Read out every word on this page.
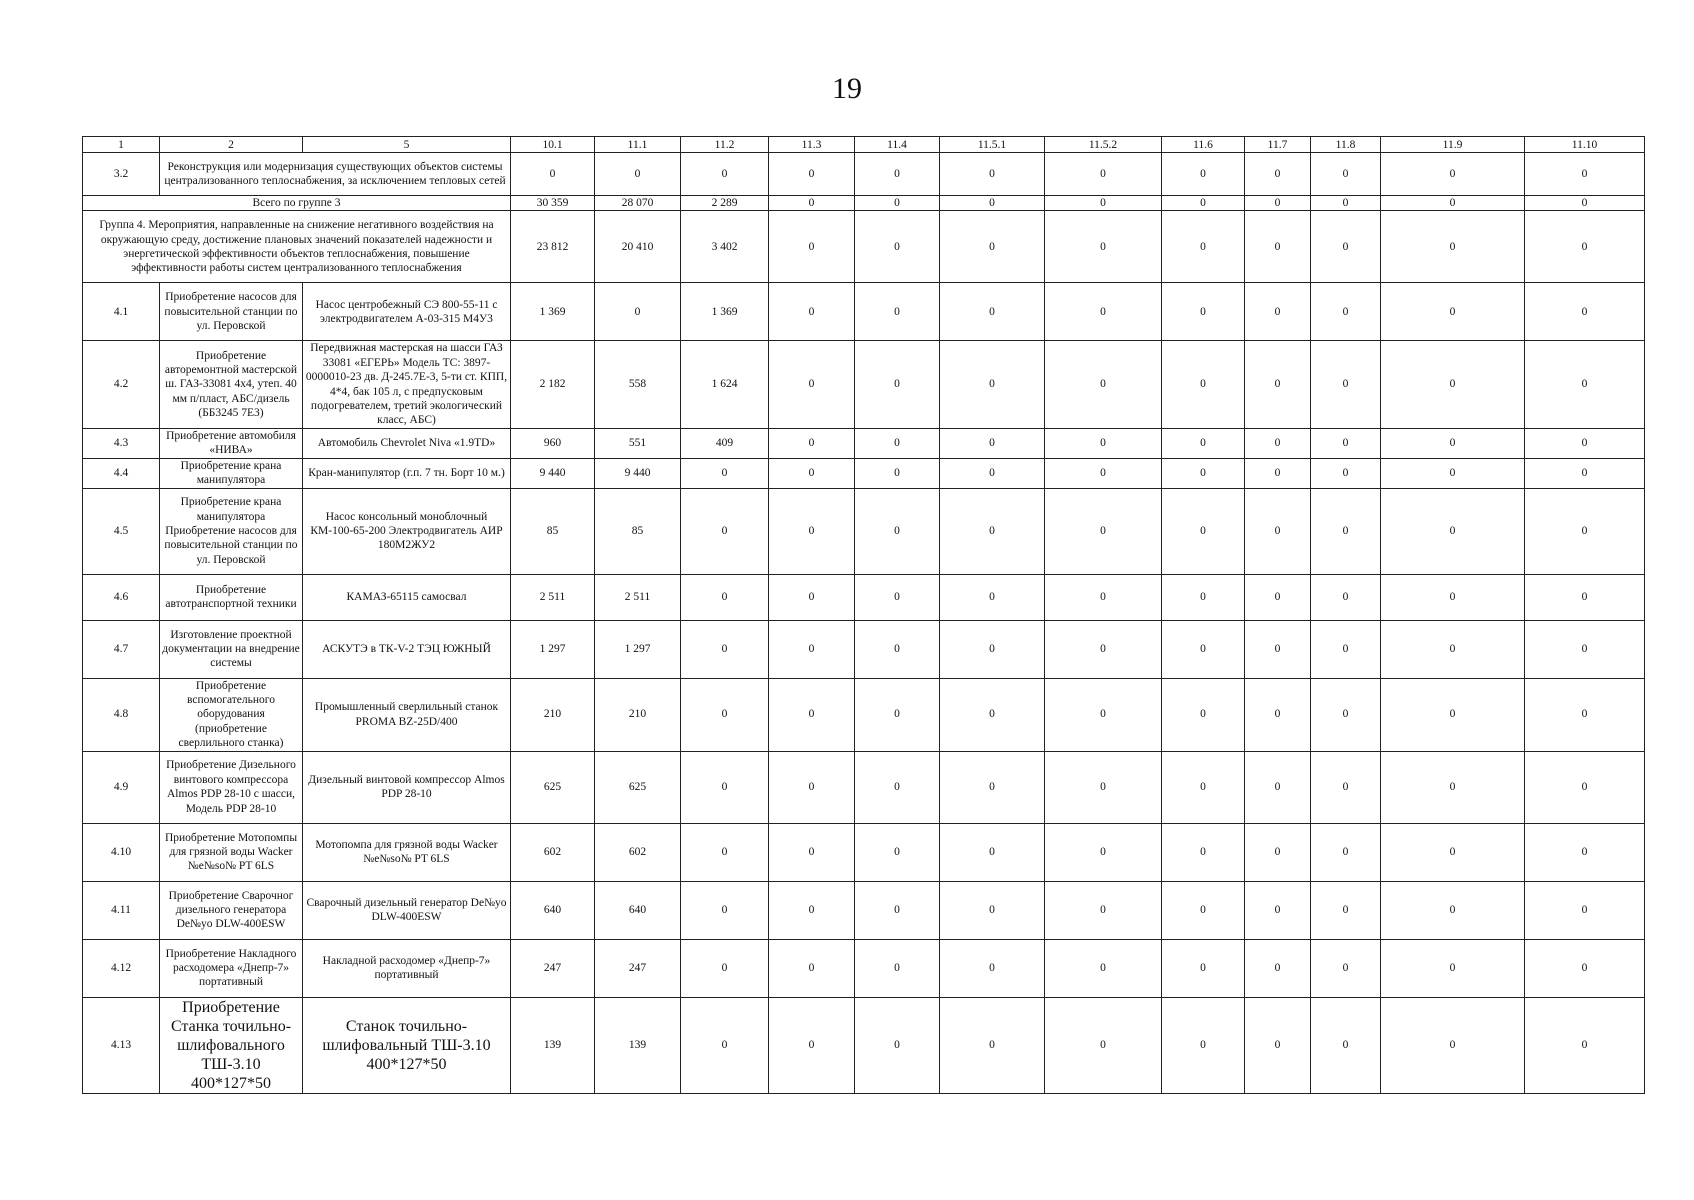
19
1	2	5	10.1	11.1	11.2	11.3	11.4	11.5.1	11.5.2	11.6	11.7	11.8	11.9	11.10
3.2	Реконструкция или модернизация существующих объектов системы централизованного теплоснабжения, за исключением тепловых сетей		0	0	0	0	0	0	0	0	0	0	0	0
Всего по группе 3			30 359	28 070	2 289	0	0	0	0	0	0	0	0	0
Группа 4. Мероприятия, направленные на снижение негативного воздействия на окружающую среду, достижение плановых значений показателей надежности и энергетической эффективности объектов теплоснабжения, повышение эффективности работы систем централизованного теплоснабжения			23 812	20 410	3 402	0	0	0	0	0	0	0	0	0
4.1	Приобретение насосов для повысительной станции по ул. Перовской	Насос центробежный СЭ 800-55-11 с электродвигателем А-03-315 М4У3	1 369	0	1 369	0	0	0	0	0	0	0	0	0
4.2	Приобретение авторемонтной мастерской ш. ГАЗ-33081 4х4, утеп. 40 мм п/пласт, АБС/дизель (ББ3245 7Е3)	Передвижная мастерская на шасси ГАЗ 33081 «ЕГЕРЬ» Модель ТС: 3897-0000010-23 дв. Д-245.7Е-3, 5-ти ст. КПП, 4*4, бак 105 л, с предпусковым подогревателем, третий экологический класс, АБС)	2 182	558	1 624	0	0	0	0	0	0	0	0	0
4.3	Приобретение автомобиля «НИВА»	Автомобиль Chevrolet Niva «1.9TD»	960	551	409	0	0	0	0	0	0	0	0	0
4.4	Приобретение крана манипулятора	Кран-манипулятор (г.п. 7 тн. Борт 10 м.)	9 440	9 440	0	0	0	0	0	0	0	0	0	0
4.5	Приобретение крана манипулятора Приобретение насосов для повысительной станции по ул. Перовской	Насос консольный моноблочный КМ-100-65-200 Электродвигатель АИР 180М2ЖУ2	85	85	0	0	0	0	0	0	0	0	0	0
4.6	Приобретение автотранспортной техники	КАМАЗ-65115 самосвал	2 511	2 511	0	0	0	0	0	0	0	0	0	0
4.7	Изготовление проектной документации на внедрение системы	АСКУТЭ в ТК-V-2 ТЭЦ ЮЖНЫЙ	1 297	1 297	0	0	0	0	0	0	0	0	0	0
4.8	Приобретение вспомогательного оборудования (приобретение сверлильного станка)	Промышленный сверлильный станок PROMA BZ-25D/400	210	210	0	0	0	0	0	0	0	0	0	0
4.9	Приобретение Дизельного винтового компрессора Almos PDP 28-10 с шасси, Модель PDP 28-10	Дизельный винтовой компрессор Almos PDP 28-10	625	625	0	0	0	0	0	0	0	0	0	0
4.10	Приобретение Мотопомпы для грязной воды Wacker №e№so№ PT 6LS	Мотопомпа для грязной воды Wacker №e№so№ PT 6LS	602	602	0	0	0	0	0	0	0	0	0	0
4.11	Приобретение Сварочног дизельного генератора De№yo DLW-400ESW	Сварочный дизельный генератор De№yo DLW-400ESW	640	640	0	0	0	0	0	0	0	0	0	0
4.12	Приобретение Накладного расходомера «Днепр-7» портативный	Накладной расходомер «Днепр-7» портативный	247	247	0	0	0	0	0	0	0	0	0	0
4.13	Приобретение Станка точильно-шлифовального ТШ-3.10 400*127*50	Станок точильно-шлифовальный ТШ-3.10 400*127*50	139	139	0	0	0	0	0	0	0	0	0	0
